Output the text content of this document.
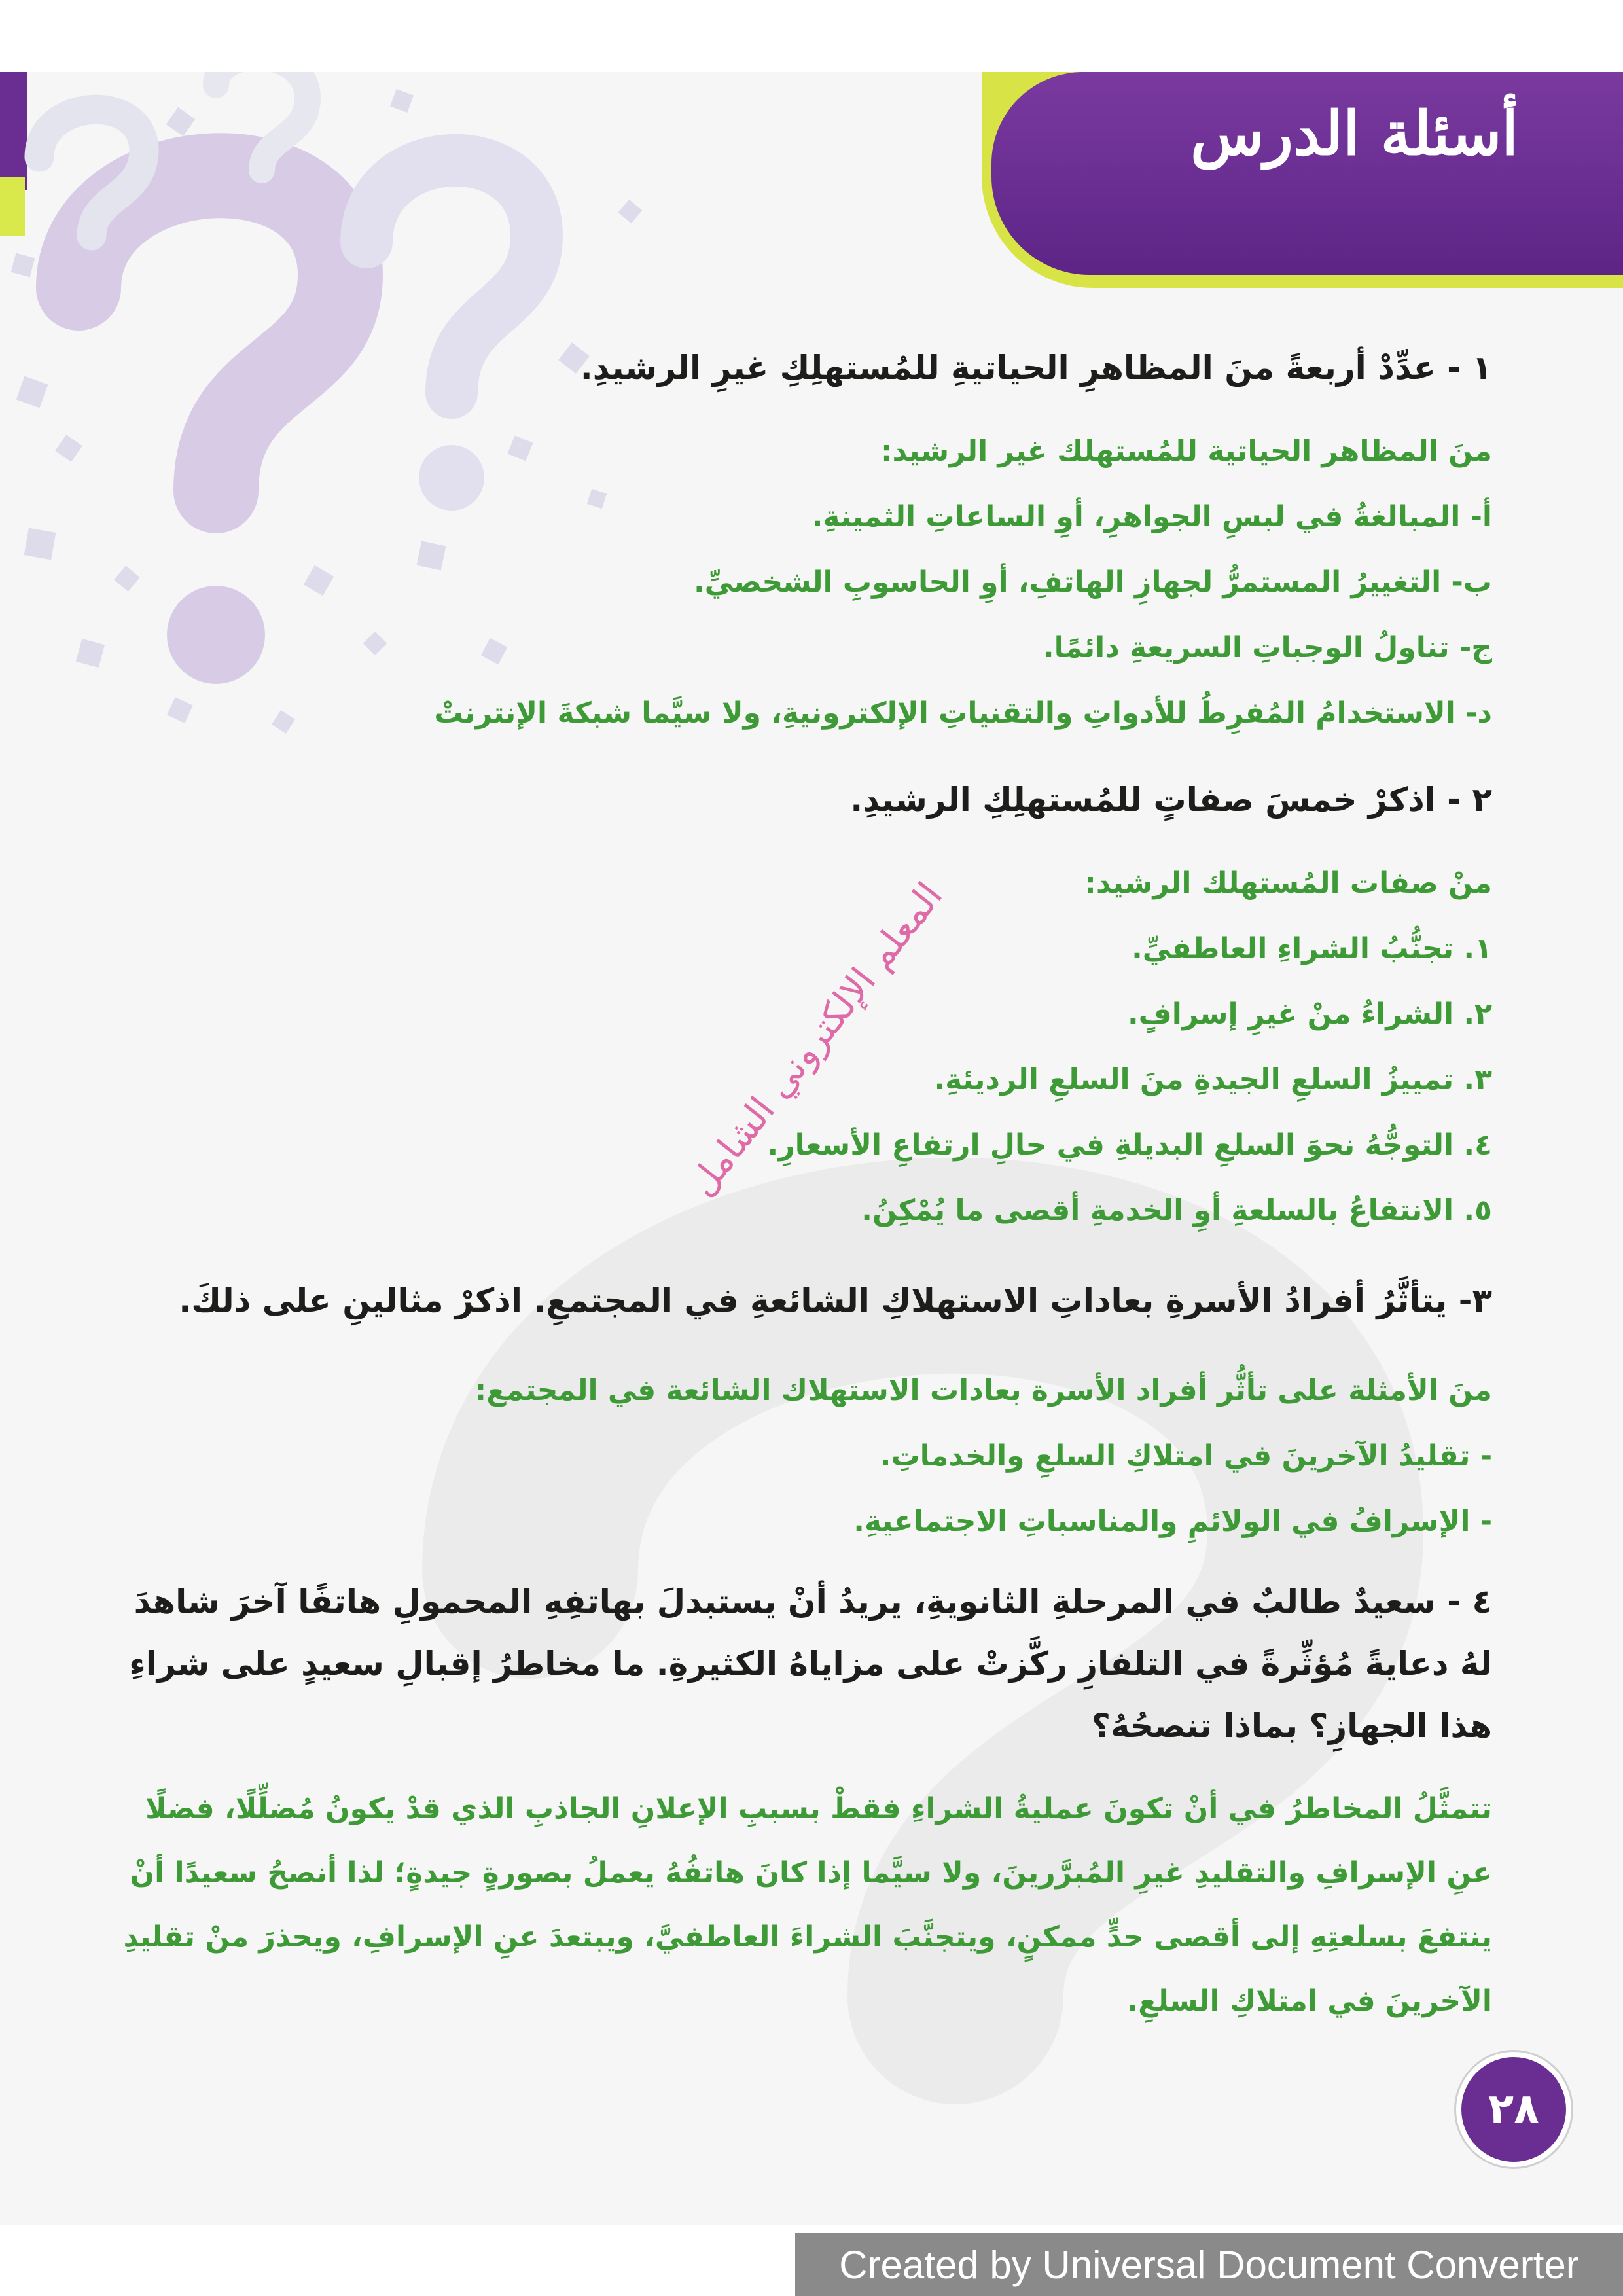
أسئلة الدرس
١ - عدِّدْ أربعةً منَ المظاهرِ الحياتيةِ للمُستهلِكِ غيرِ الرشيدِ.
منَ المظاهر الحياتية للمُستهلك غير الرشيد:
أ- المبالغةُ في لبسِ الجواهرِ، أوِ الساعاتِ الثمينةِ.
ب- التغييرُ المستمرُّ لجهازِ الهاتفِ، أوِ الحاسوبِ الشخصيِّ.
ج- تناولُ الوجباتِ السريعةِ دائمًا.
د- الاستخدامُ المُفرِطُ للأدواتِ والتقنياتِ الإلكترونيةِ، ولا سيَّما شبكةَ الإنترنتْ
٢ - اذكرْ خمسَ صفاتٍ للمُستهلِكِ الرشيدِ.
منْ صفات المُستهلك الرشيد:
١. تجنُّبُ الشراءِ العاطفيِّ.
٢. الشراءُ منْ غيرِ إسرافٍ.
٣. تمييزُ السلعِ الجيدةِ منَ السلعِ الرديئةِ.
٤. التوجُّهُ نحوَ السلعِ البديلةِ في حالِ ارتفاعِ الأسعارِ.
٥. الانتفاعُ بالسلعةِ أوِ الخدمةِ أقصى ما يُمْكِنُ.
٣- يتأثَّرُ أفرادُ الأسرةِ بعاداتِ الاستهلاكِ الشائعةِ في المجتمعِ. اذكرْ مثالينِ على ذلكَ.
منَ الأمثلة على تأثُّر أفراد الأسرة بعادات الاستهلاك الشائعة في المجتمع:
- تقليدُ الآخرينَ في امتلاكِ السلعِ والخدماتِ.
- الإسرافُ في الولائمِ والمناسباتِ الاجتماعيةِ.
٤ - سعيدٌ طالبٌ في المرحلةِ الثانويةِ، يريدُ أنْ يستبدلَ بهاتفِهِ المحمولِ هاتفًا آخرَ شاهدَ لهُ دعايةً مُؤثِّرةً في التلفازِ ركَّزتْ على مزاياهُ الكثيرةِ. ما مخاطرُ إقبالِ سعيدٍ على شراءِ هذا الجهازِ؟ بماذا تنصحُهُ؟
تتمثَّلُ المخاطرُ في أنْ تكونَ عمليةُ الشراءِ فقطْ بسببِ الإعلانِ الجاذبِ الذي قدْ يكونُ مُضلِّلًا، فضلًا عنِ الإسرافِ والتقليدِ غيرِ المُبرَّرينَ، ولا سيَّما إذا كانَ هاتفُهُ يعملُ بصورةٍ جيدةٍ؛ لذا أنصحُ سعيدًا أنْ ينتفعَ بسلعتِهِ إلى أقصى حدٍّ ممكنٍ، ويتجنَّبَ الشراءَ العاطفيَّ، ويبتعدَ عنِ الإسرافِ، ويحذرَ منْ تقليدِ الآخرينَ في امتلاكِ السلعِ.
المعلم الإلكتروني الشامل
٢٨
Created by Universal Document Converter
